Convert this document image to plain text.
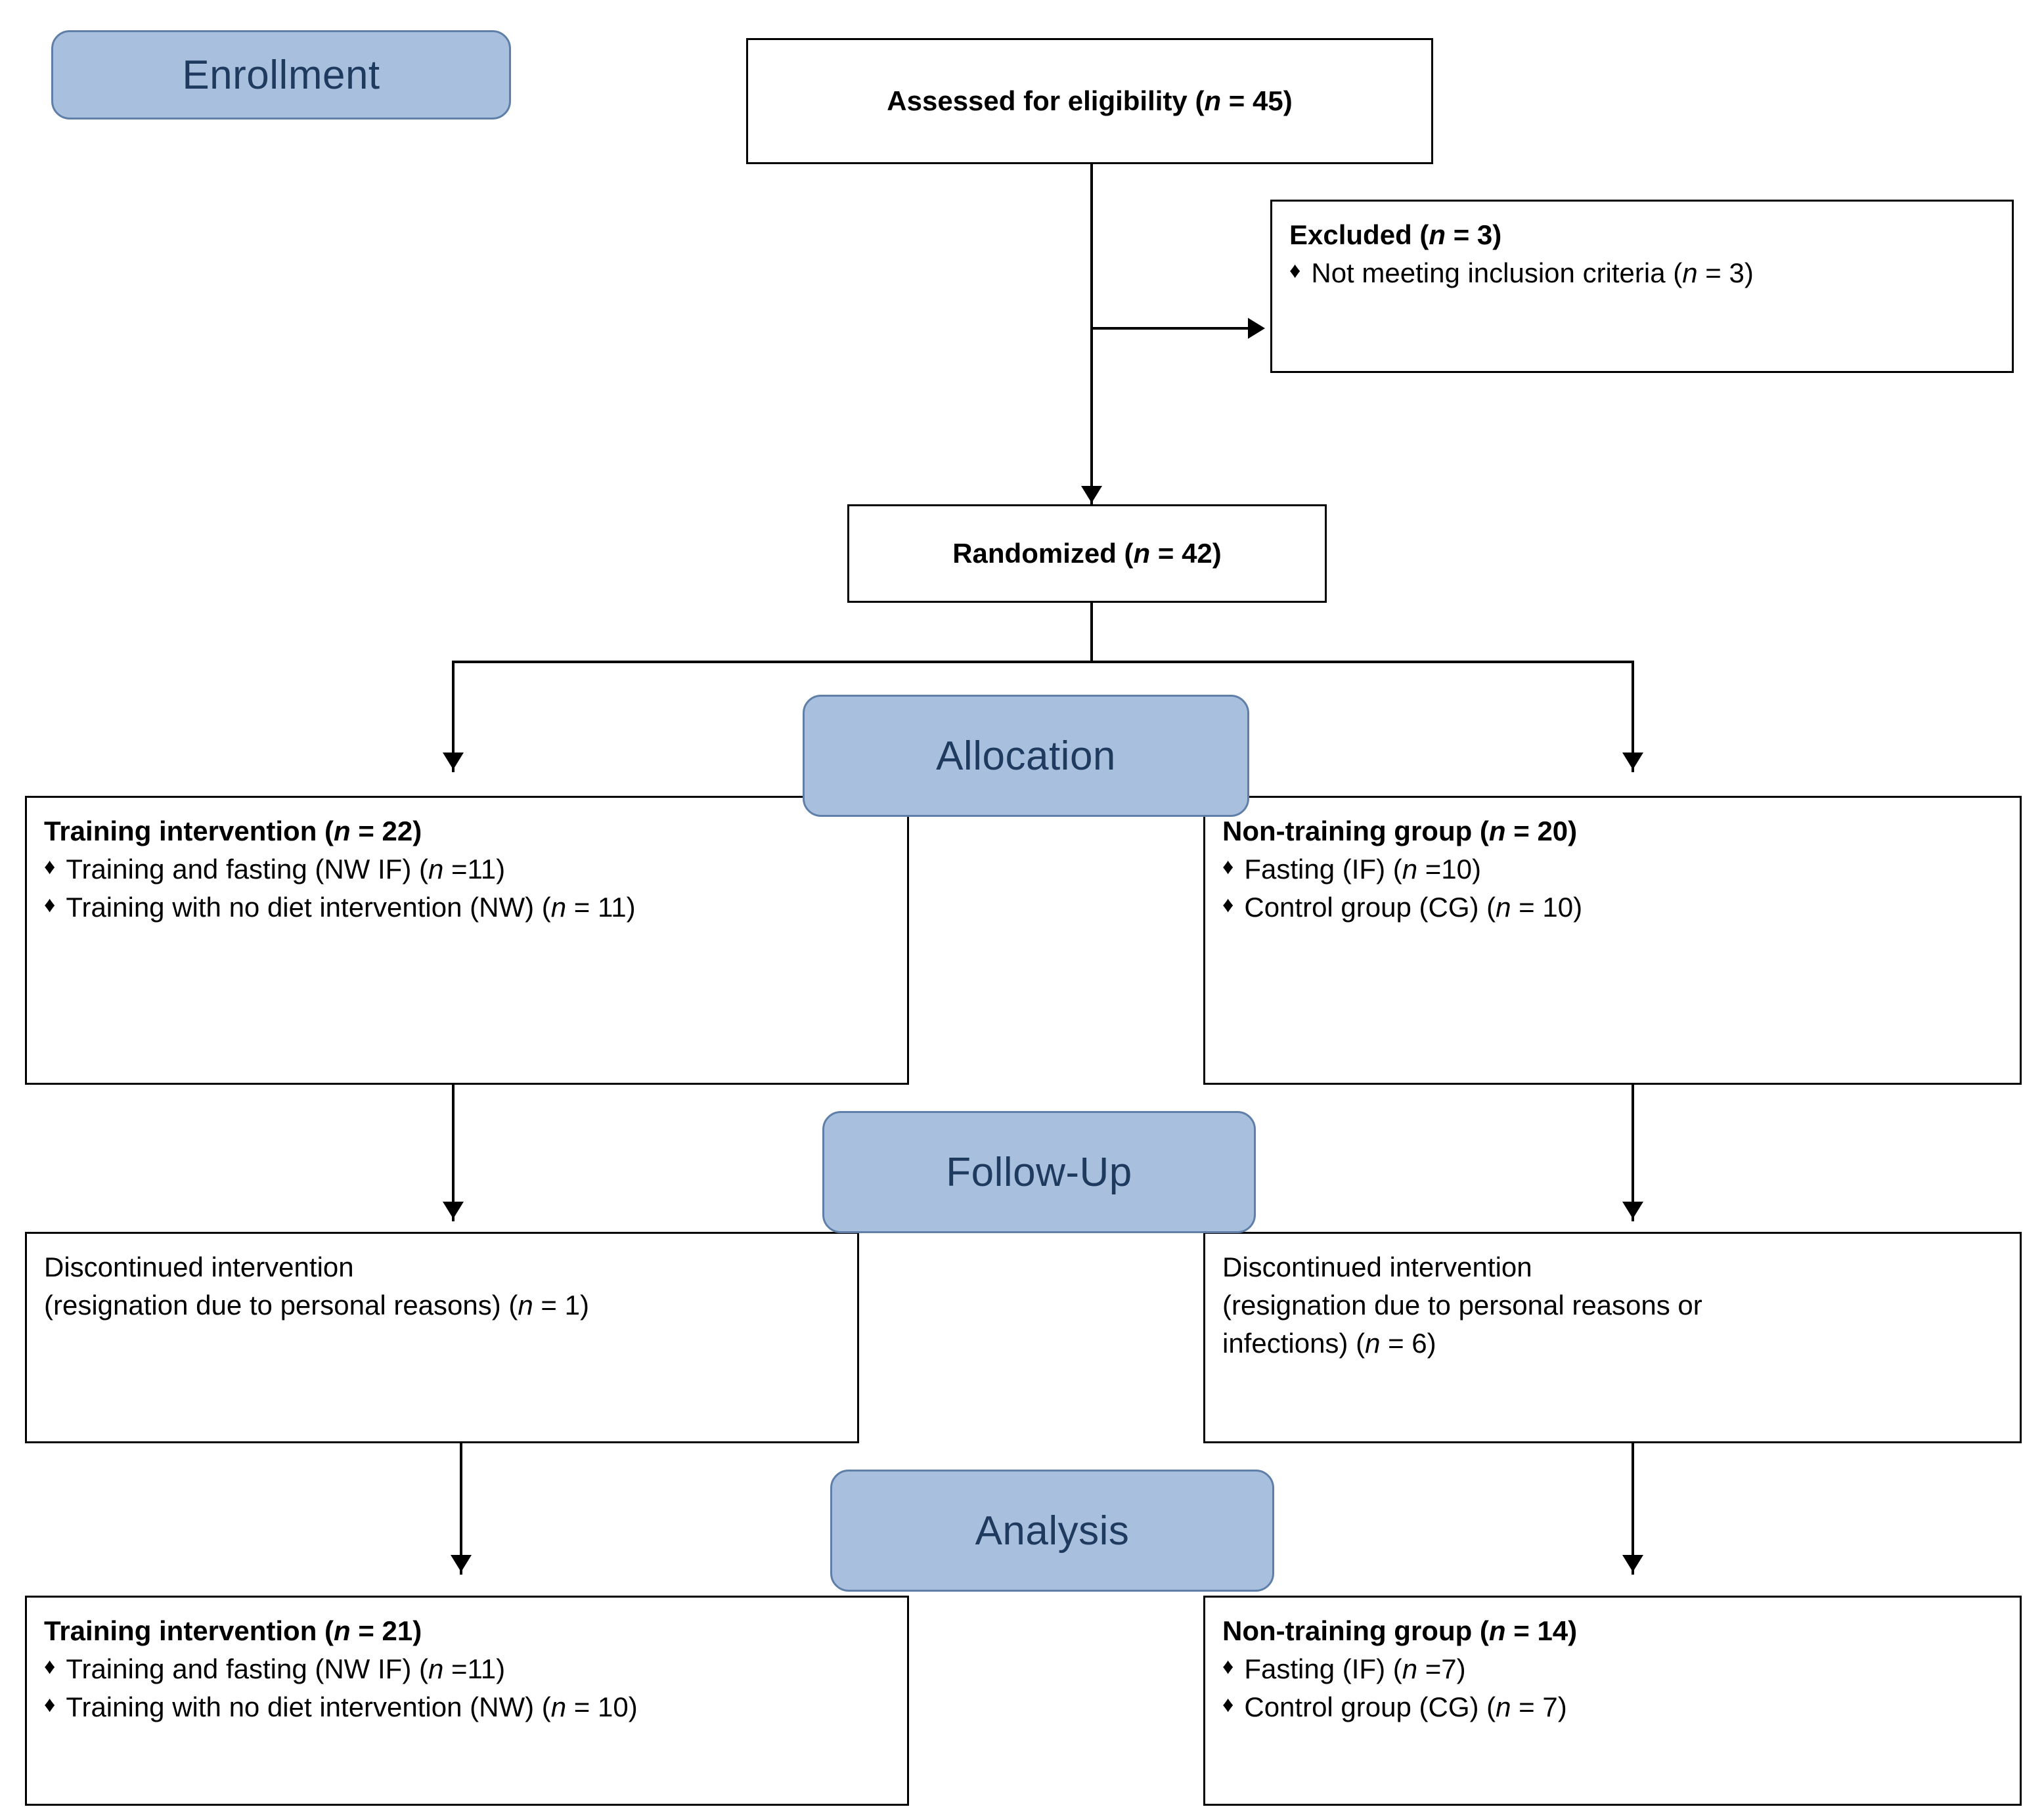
Enrollment
Allocation
Follow-Up
Analysis
Assessed for eligibility (n = 45)
Excluded (n = 3)
♦ Not meeting inclusion criteria (n = 3)
Randomized (n = 42)
Training intervention (n = 22)
♦ Training and fasting (NW IF) (n =11)
♦ Training with no diet intervention (NW) (n = 11)
Non-training group (n = 20)
♦ Fasting (IF) (n =10)
♦ Control group (CG) (n = 10)
Discontinued intervention
(resignation due to personal reasons) (n = 1)
Discontinued intervention
(resignation due to personal reasons or
infections) (n = 6)
Training intervention (n = 21)
♦ Training and fasting (NW IF) (n =11)
♦ Training with no diet intervention (NW) (n = 10)
Non-training group (n = 14)
♦ Fasting (IF) (n =7)
♦ Control group (CG) (n = 7)
